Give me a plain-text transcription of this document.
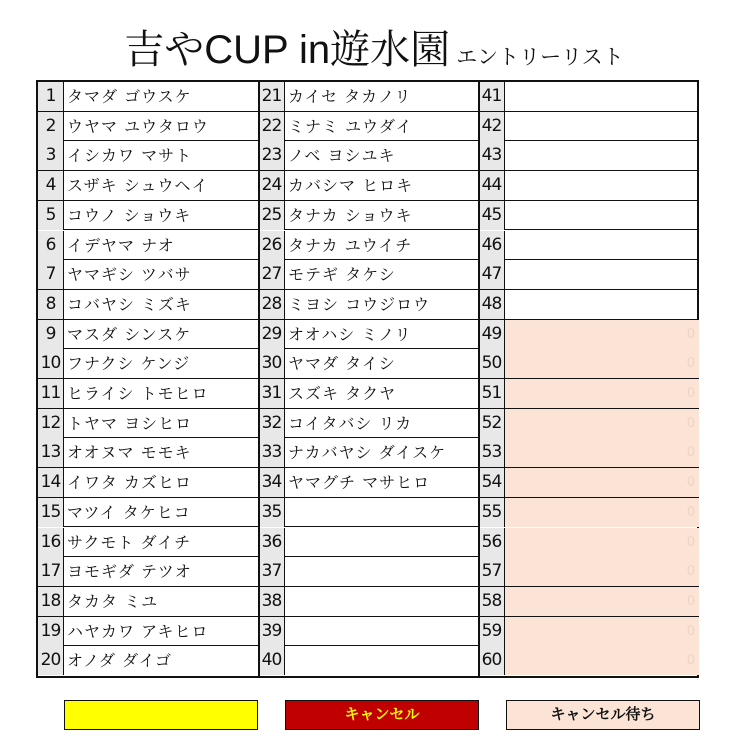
吉やCUP in遊水園 エントリーリスト
1 タマダ ゴウスケ
2 ウヤマ ユウタロウ
3 イシカワ マサト
4 スザキ シュウヘイ
5 コウノ ショウキ
6 イデヤマ ナオ
7 ヤマギシ ツバサ
8 コバヤシ ミズキ
9 マスダ シンスケ
10 フナクシ ケンジ
11 ヒライシ トモヒロ
12 トヤマ ヨシヒロ
13 オオヌマ モモキ
14 イワタ カズヒロ
15 マツイ タケヒコ
16 サクモト ダイチ
17 ヨモギダ テツオ
18 タカタ ミユ
19 ハヤカワ アキヒロ
20 オノダ ダイゴ
21 カイセ タカノリ
22 ミナミ ユウダイ
23 ノベ ヨシユキ
24 カバシマ ヒロキ
25 タナカ ショウキ
26 タナカ ユウイチ
27 モテギ タケシ
28 ミヨシ コウジロウ
29 オオハシ ミノリ
30 ヤマダ タイシ
31 スズキ タクヤ
32 コイタバシ リカ
33 ナカバヤシ ダイスケ
34 ヤマグチ マサヒロ
35
36
37
38
39
40
41
42
43
44
45
46
47
48
49	0
50	0
51	0
52	0
53	0
54	0
55	0
56	0
57	0
58	0
59	0
60	0
キャンセル	キャンセル待ち
